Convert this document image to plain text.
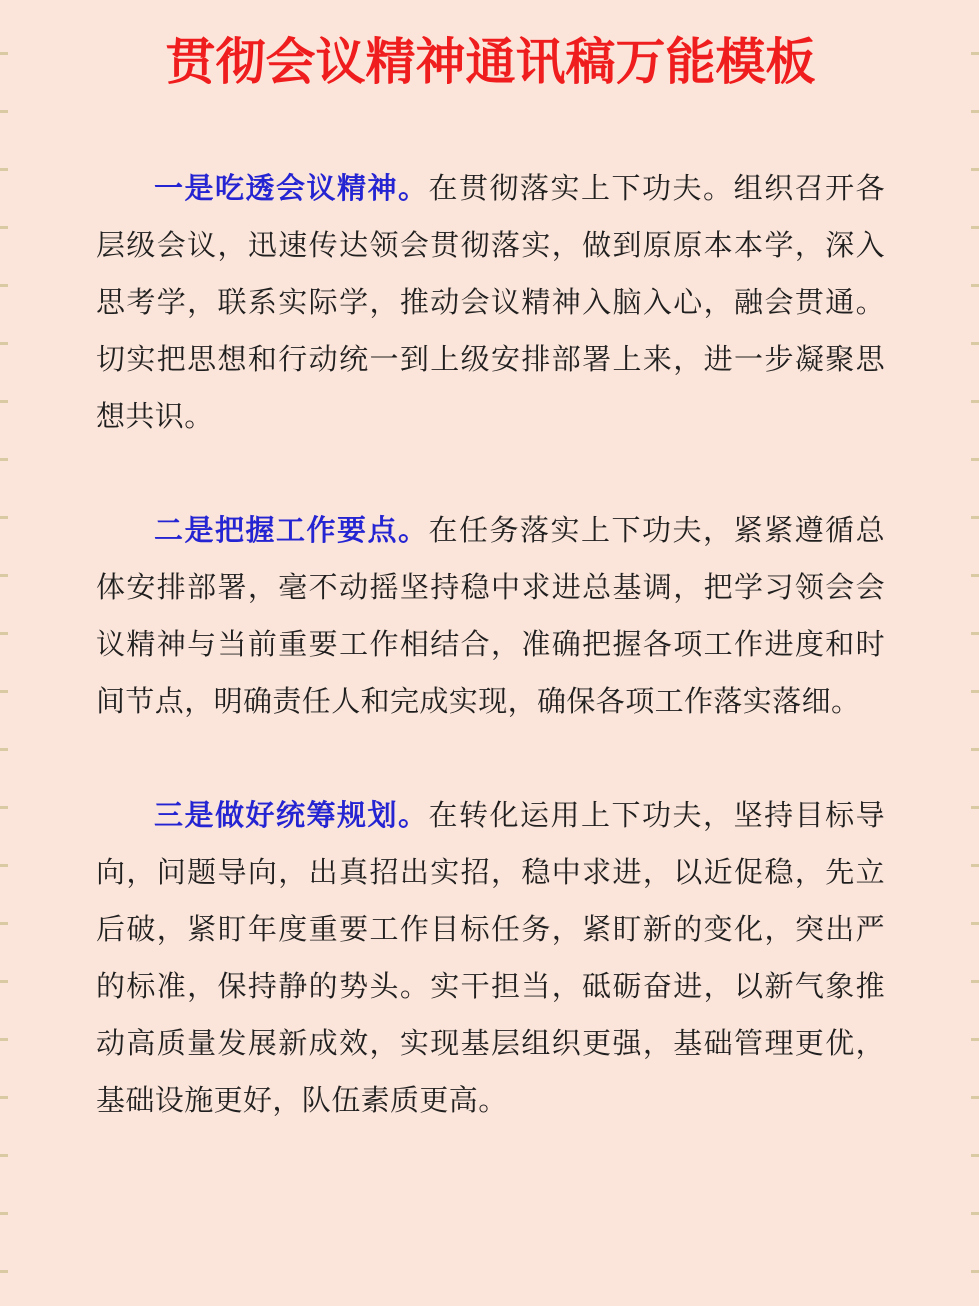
贯彻会议精神通讯稿万能模板

一是吃透会议精神。在贯彻落实上下功夫。组织召开各层级会议，迅速传达领会贯彻落实，做到原原本本学，深入思考学，联系实际学，推动会议精神入脑入心，融会贯通。切实把思想和行动统一到上级安排部署上来，进一步凝聚思想共识。

二是把握工作要点。在任务落实上下功夫，紧紧遵循总体安排部署，毫不动摇坚持稳中求进总基调，把学习领会会议精神与当前重要工作相结合，准确把握各项工作进度和时间节点，明确责任人和完成实现，确保各项工作落实落细。

三是做好统筹规划。在转化运用上下功夫，坚持目标导向，问题导向，出真招出实招，稳中求进，以近促稳，先立后破，紧盯年度重要工作目标任务，紧盯新的变化，突出严的标准，保持静的势头。实干担当，砥砺奋进，以新气象推动高质量发展新成效，实现基层组织更强，基础管理更优，基础设施更好，队伍素质更高。
